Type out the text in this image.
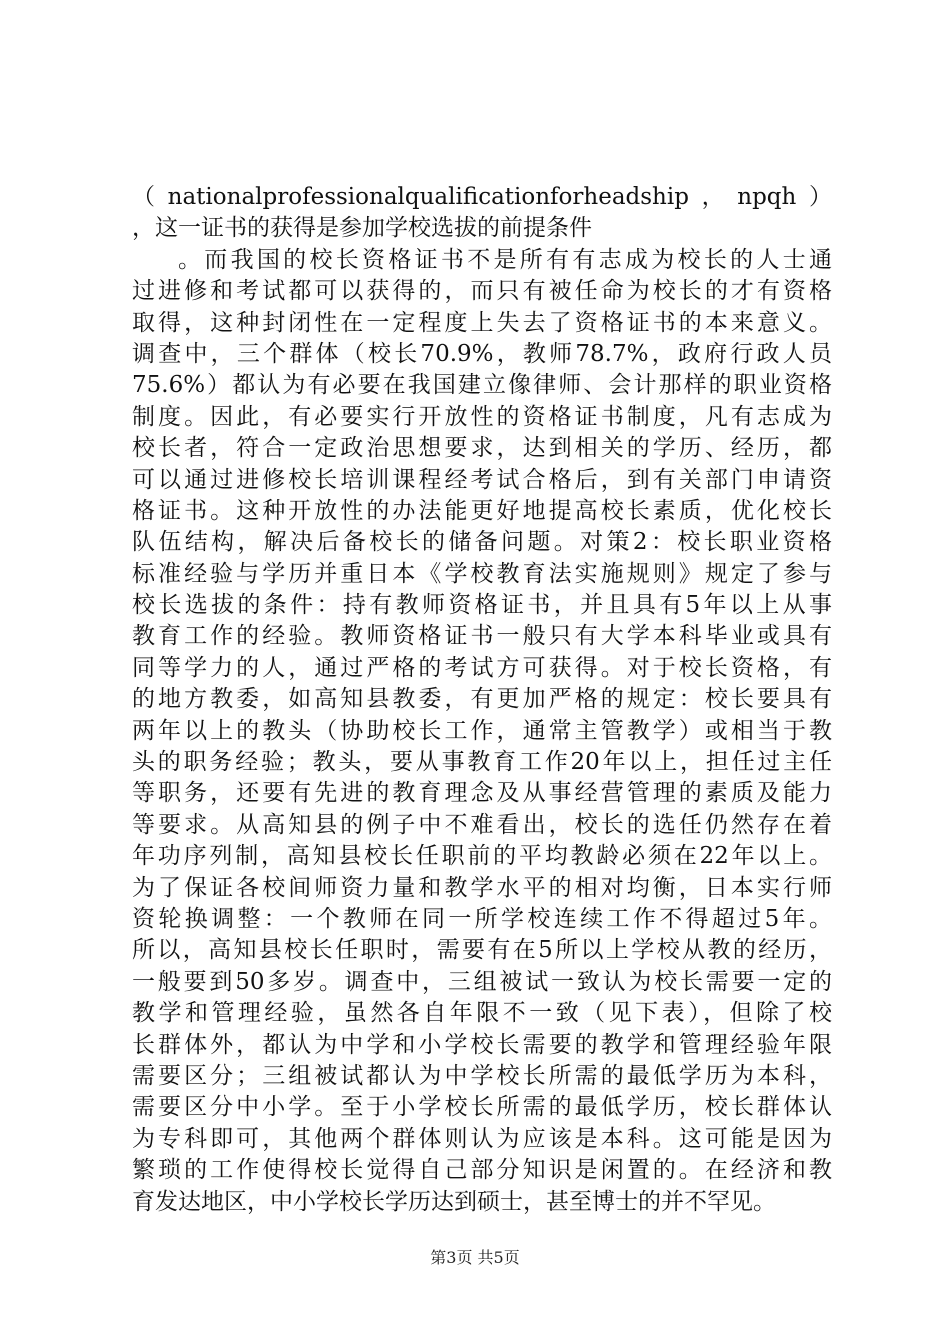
（nationalprofessionalqualificationforheadship，npqh）
，这一证书的获得是参加学校选拔的前提条件
。而我国的校长资格证书不是所有有志成为校长的人士通
过进修和考试都可以获得的，而只有被任命为校长的才有资格
取得，这种封闭性在一定程度上失去了资格证书的本来意义。
调查中，三个群体（校长70.9%，教师78.7%，政府行政人员
75.6%）都认为有必要在我国建立像律师、会计那样的职业资格
制度。因此，有必要实行开放性的资格证书制度，凡有志成为
校长者，符合一定政治思想要求，达到相关的学历、经历，都
可以通过进修校长培训课程经考试合格后，到有关部门申请资
格证书。这种开放性的办法能更好地提高校长素质，优化校长
队伍结构，解决后备校长的储备问题。对策2：校长职业资格
标准经验与学历并重日本《学校教育法实施规则》规定了参与
校长选拔的条件：持有教师资格证书，并且具有5年以上从事
教育工作的经验。教师资格证书一般只有大学本科毕业或具有
同等学力的人，通过严格的考试方可获得。对于校长资格，有
的地方教委，如高知县教委，有更加严格的规定：校长要具有
两年以上的教头（协助校长工作，通常主管教学）或相当于教
头的职务经验；教头，要从事教育工作20年以上，担任过主任
等职务，还要有先进的教育理念及从事经营管理的素质及能力
等要求。从高知县的例子中不难看出，校长的选任仍然存在着
年功序列制，高知县校长任职前的平均教龄必须在22年以上。
为了保证各校间师资力量和教学水平的相对均衡，日本实行师
资轮换调整：一个教师在同一所学校连续工作不得超过5年。
所以，高知县校长任职时，需要有在5所以上学校从教的经历，
一般要到50多岁。调查中，三组被试一致认为校长需要一定的
教学和管理经验，虽然各自年限不一致（见下表），但除了校
长群体外，都认为中学和小学校长需要的教学和管理经验年限
需要区分；三组被试都认为中学校长所需的最低学历为本科，
需要区分中小学。至于小学校长所需的最低学历，校长群体认
为专科即可，其他两个群体则认为应该是本科。这可能是因为
繁琐的工作使得校长觉得自己部分知识是闲置的。在经济和教
育发达地区，中小学校长学历达到硕士，甚至博士的并不罕见。
第3页 共5页
